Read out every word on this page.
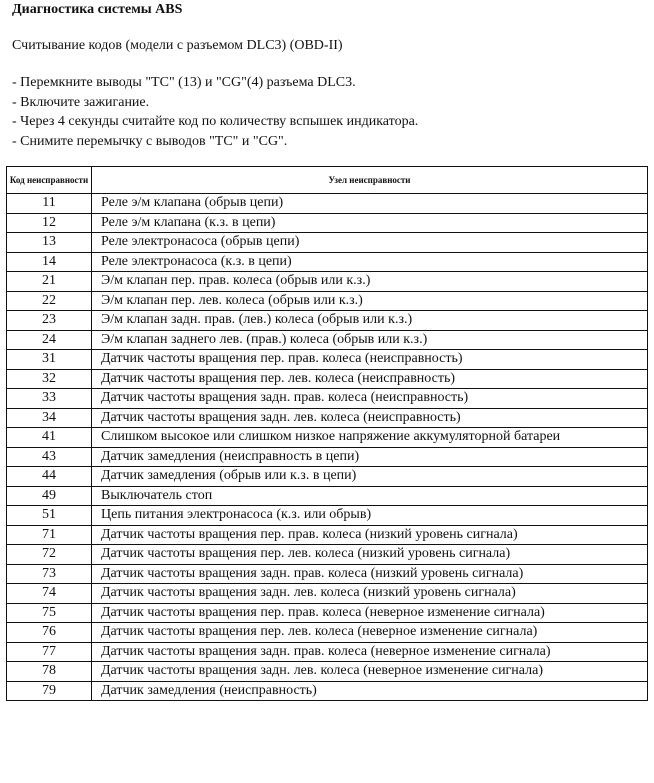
Диагностика системы ABS
Считывание кодов (модели с разъемом DLC3) (OBD-II)
- Перемкните выводы "ТС" (13) и "CG"(4) разъема DLC3.
- Включите зажигание.
- Через 4 секунды считайте код по количеству вспышек индикатора.
- Снимите перемычку с выводов "ТС" и "CG".
Код неисправности	Узел неисправности
11	Реле э/м клапана (обрыв цепи)
12	Реле э/м клапана (к.з. в цепи)
13	Реле электронасоса (обрыв цепи)
14	Реле электронасоса (к.з. в цепи)
21	Э/м клапан пер. прав. колеса (обрыв или к.з.)
22	Э/м клапан пер. лев. колеса (обрыв или к.з.)
23	Э/м клапан задн. прав. (лев.) колеса (обрыв или к.з.)
24	Э/м клапан заднего лев. (прав.) колеса (обрыв или к.з.)
31	Датчик частоты вращения пер. прав. колеса (неисправность)
32	Датчик частоты вращения пер. лев. колеса (неисправность)
33	Датчик частоты вращения задн. прав. колеса (неисправность)
34	Датчик частоты вращения задн. лев. колеса (неисправность)
41	Слишком высокое или слишком низкое напряжение аккумуляторной батареи
43	Датчик замедления (неисправность в цепи)
44	Датчик замедления (обрыв или к.з. в цепи)
49	Выключатель стоп
51	Цепь питания электронасоса (к.з. или обрыв)
71	Датчик частоты вращения пер. прав. колеса (низкий уровень сигнала)
72	Датчик частоты вращения пер. лев. колеса (низкий уровень сигнала)
73	Датчик частоты вращения задн. прав. колеса (низкий уровень сигнала)
74	Датчик частоты вращения задн. лев. колеса (низкий уровень сигнала)
75	Датчик частоты вращения пер. прав. колеса (неверное изменение сигнала)
76	Датчик частоты вращения пер. лев. колеса (неверное изменение сигнала)
77	Датчик частоты вращения задн. прав. колеса (неверное изменение сигнала)
78	Датчик частоты вращения задн. лев. колеса (неверное изменение сигнала)
79	Датчик замедления (неисправность)
